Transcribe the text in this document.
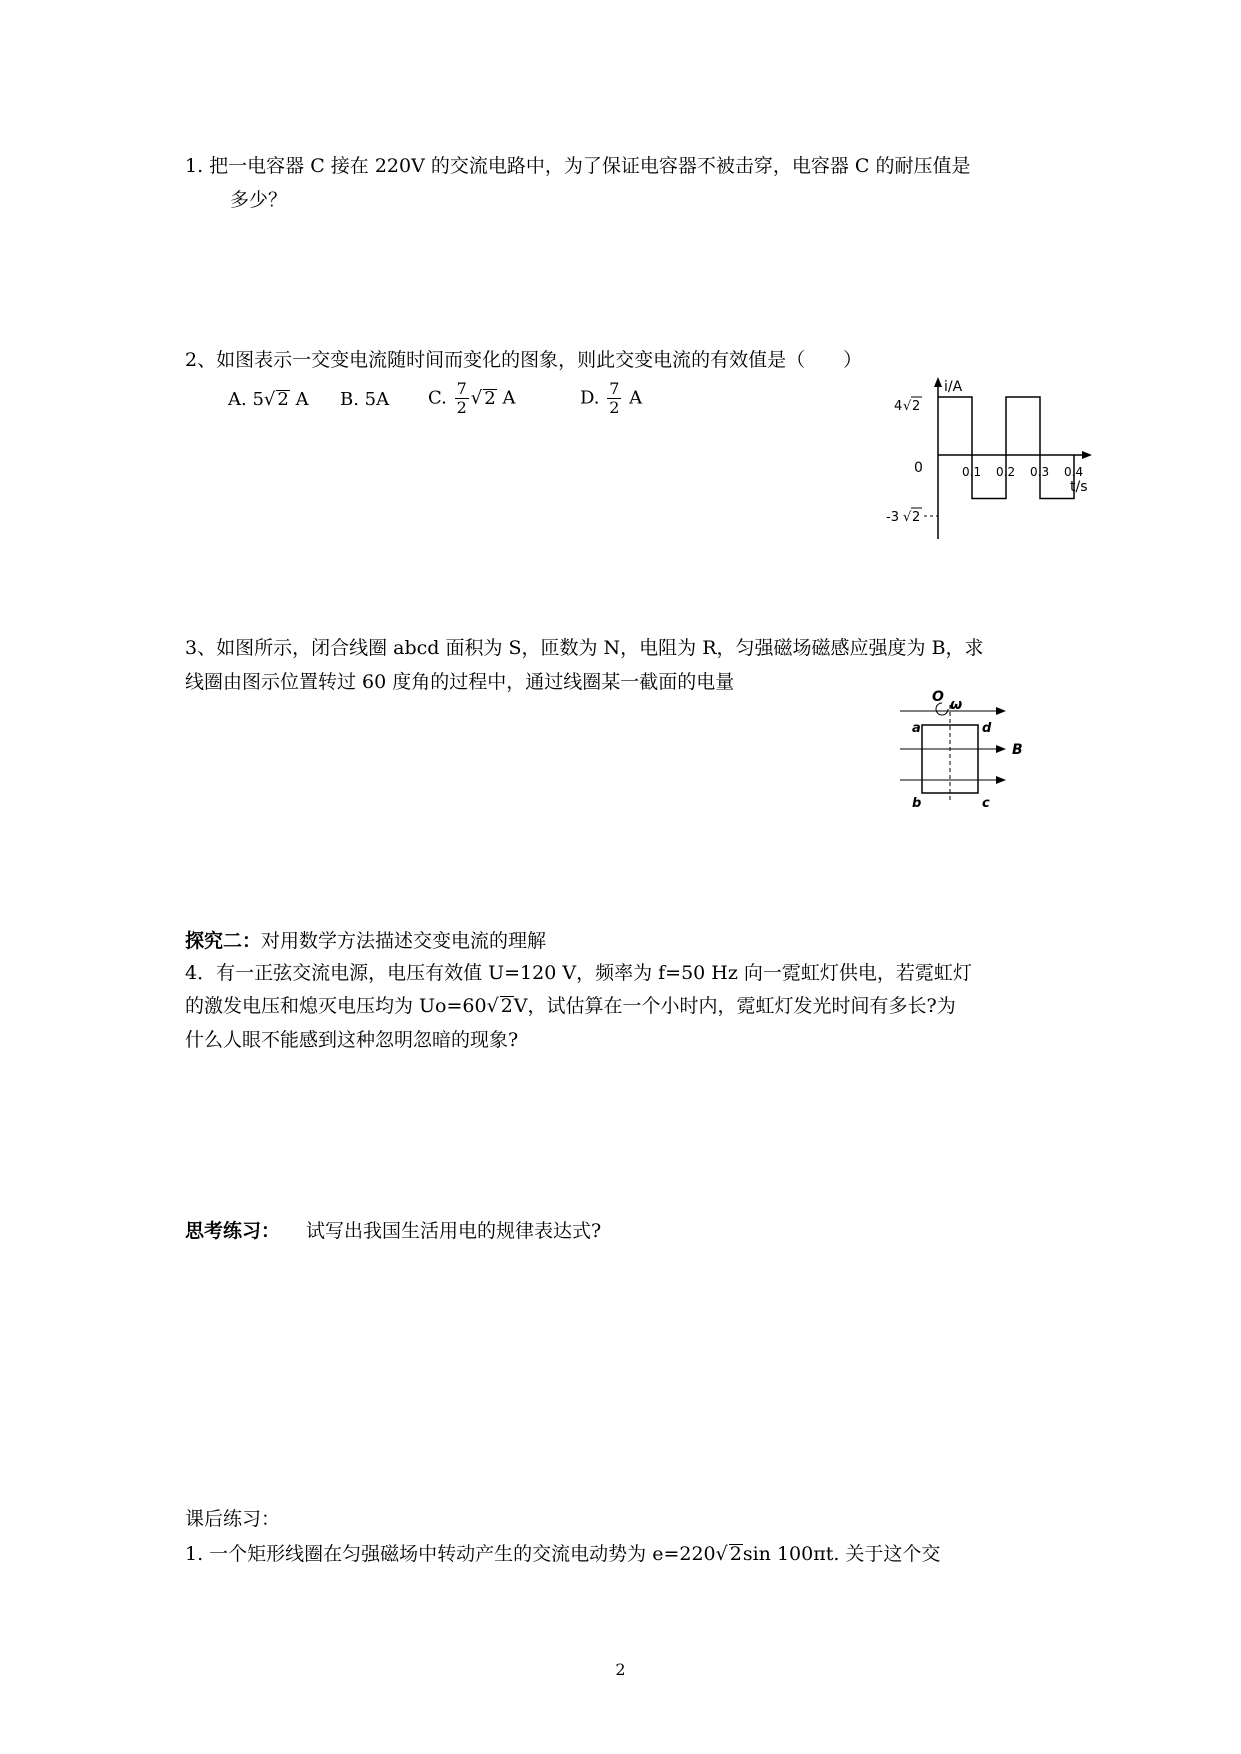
1. 把一电容器 C 接在 220V 的交流电路中，为了保证电容器不被击穿，电容器 C 的耐压值是
多少？
2、如图表示一交变电流随时间而变化的图象，则此交变电流的有效值是（　　）
A. 5√ 2 A B. 5A C. $\frac{7}{2}$ √ 2 A	D. $\frac{7}{2}$ A
i/A
t/s
0
4 √ 2
-3 √ 2
0.1 0.2 0.3 0.4
3、如图所示，闭合线圈 abcd 面积为 S，匝数为 N，电阻为 R，匀强磁场磁感应强度为 B，求
线圈由图示位置转过 60 度角的过程中，通过线圈某一截面的电量
O ω
a	d
b	c
B
探究二：对用数学方法描述交变电流的理解
4．有一正弦交流电源，电压有效值 U=120 V，频率为 f=50 Hz 向一霓虹灯供电，若霓虹灯
的激发电压和熄灭电压均为 Uo=60√ 2V，试估算在一个小时内，霓虹灯发光时间有多长?为
什么人眼不能感到这种忽明忽暗的现象?
思考练习： 试写出我国生活用电的规律表达式?
课后练习：
1. 一个矩形线圈在匀强磁场中转动产生的交流电动势为 e=220√ 2sin 100πt. 关于这个交
2
